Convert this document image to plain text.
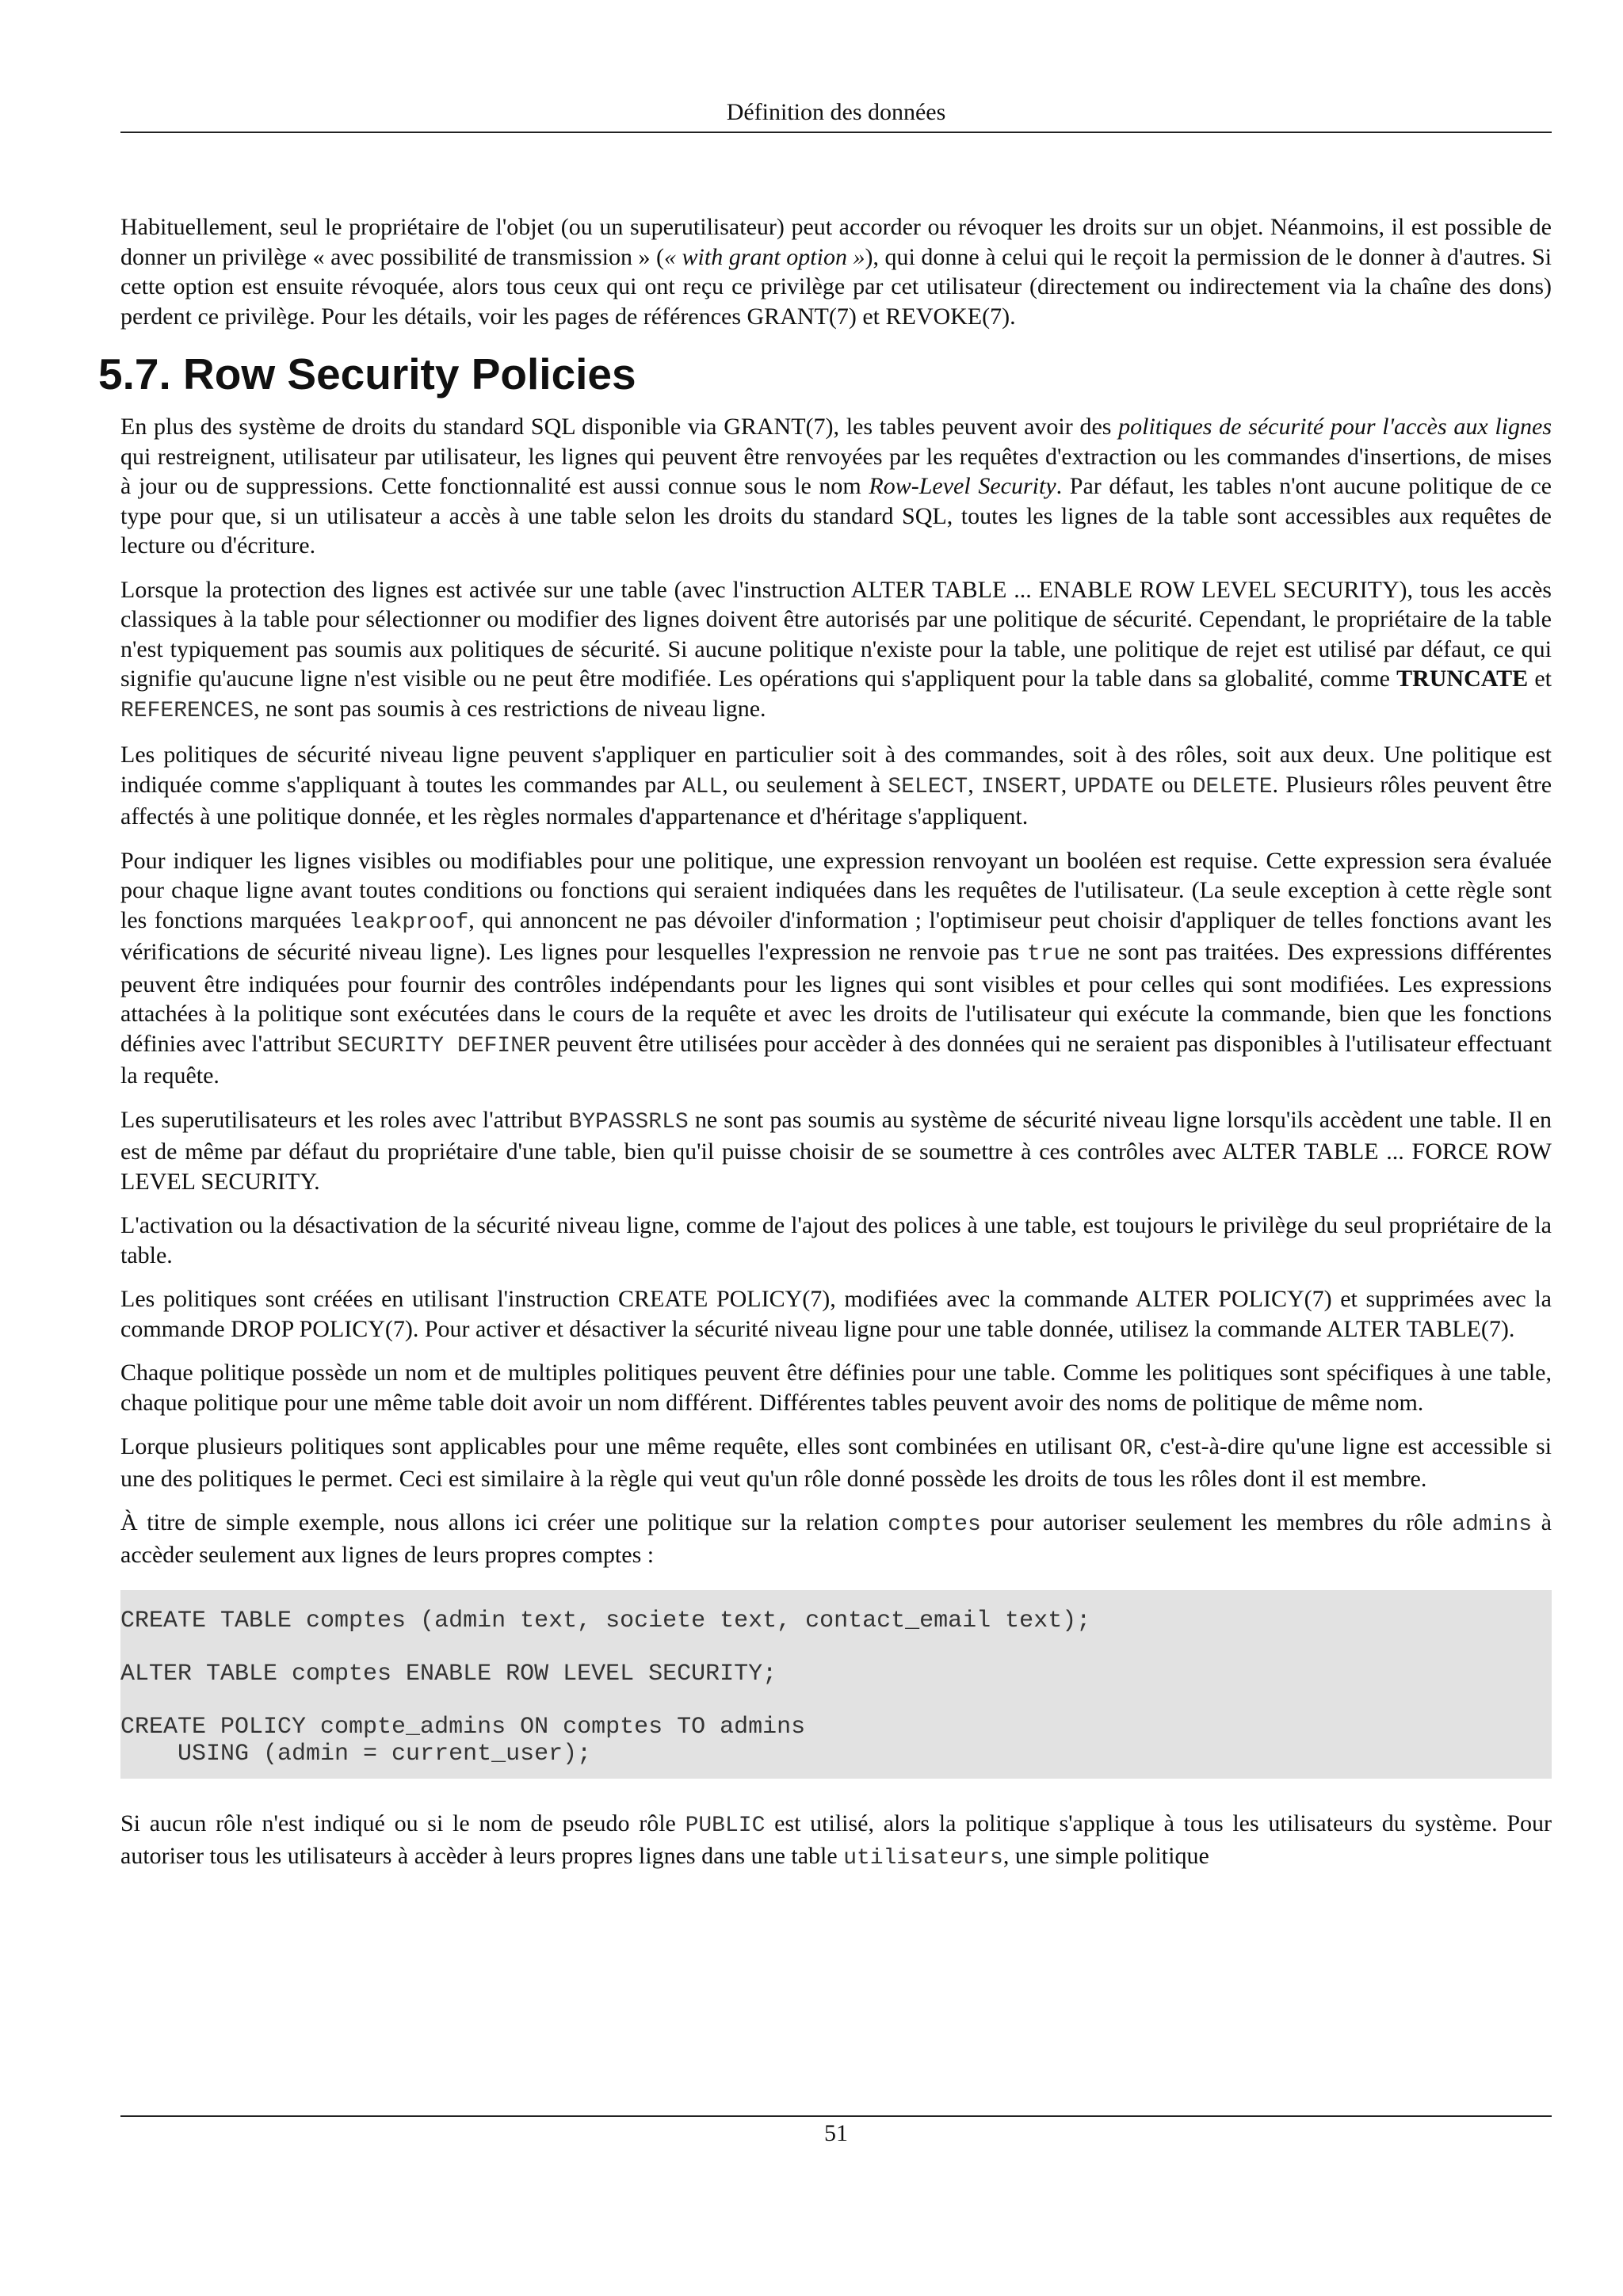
Définition des données

Habituellement, seul le propriétaire de l'objet (ou un superutilisateur) peut accorder ou révoquer les droits sur un objet. Néanmoins, il est possible de donner un privilège « avec possibilité de transmission » (« with grant option »), qui donne à celui qui le reçoit la permission de le donner à d'autres. Si cette option est ensuite révoquée, alors tous ceux qui ont reçu ce privilège par cet utilisateur (directement ou indirectement via la chaîne des dons) perdent ce privilège. Pour les détails, voir les pages de références GRANT(7) et REVOKE(7).

5.7. Row Security Policies

En plus des système de droits du standard SQL disponible via GRANT(7), les tables peuvent avoir des politiques de sécurité pour l'accès aux lignes qui restreignent, utilisateur par utilisateur, les lignes qui peuvent être renvoyées par les requêtes d'extraction ou les commandes d'insertions, de mises à jour ou de suppressions. Cette fonctionnalité est aussi connue sous le nom Row-Level Security. Par défaut, les tables n'ont aucune politique de ce type pour que, si un utilisateur a accès à une table selon les droits du standard SQL, toutes les lignes de la table sont accessibles aux requêtes de lecture ou d'écriture.

Lorsque la protection des lignes est activée sur une table (avec l'instruction ALTER TABLE ... ENABLE ROW LEVEL SECURITY), tous les accès classiques à la table pour sélectionner ou modifier des lignes doivent être autorisés par une politique de sécurité. Cependant, le propriétaire de la table n'est typiquement pas soumis aux politiques de sécurité. Si aucune politique n'existe pour la table, une politique de rejet est utilisé par défaut, ce qui signifie qu'aucune ligne n'est visible ou ne peut être modifiée. Les opérations qui s'appliquent pour la table dans sa globalité, comme TRUNCATE et REFERENCES, ne sont pas soumis à ces restrictions de niveau ligne.

Les politiques de sécurité niveau ligne peuvent s'appliquer en particulier soit à des commandes, soit à des rôles, soit aux deux. Une politique est indiquée comme s'appliquant à toutes les commandes par ALL, ou seulement à SELECT, INSERT, UPDATE ou DELETE. Plusieurs rôles peuvent être affectés à une politique donnée, et les règles normales d'appartenance et d'héritage s'appliquent.

Pour indiquer les lignes visibles ou modifiables pour une politique, une expression renvoyant un booléen est requise. Cette expression sera évaluée pour chaque ligne avant toutes conditions ou fonctions qui seraient indiquées dans les requêtes de l'utilisateur. (La seule exception à cette règle sont les fonctions marquées leakproof, qui annoncent ne pas dévoiler d'information ; l'optimiseur peut choisir d'appliquer de telles fonctions avant les vérifications de sécurité niveau ligne). Les lignes pour lesquelles l'expression ne renvoie pas true ne sont pas traitées. Des expressions différentes peuvent être indiquées pour fournir des contrôles indépendants pour les lignes qui sont visibles et pour celles qui sont modifiées. Les expressions attachées à la politique sont exécutées dans le cours de la requête et avec les droits de l'utilisateur qui exécute la commande, bien que les fonctions définies avec l'attribut SECURITY DEFINER peuvent être utilisées pour accèder à des données qui ne seraient pas disponibles à l'utilisateur effectuant la requête.

Les superutilisateurs et les roles avec l'attribut BYPASSRLS ne sont pas soumis au système de sécurité niveau ligne lorsqu'ils accèdent une table. Il en est de même par défaut du propriétaire d'une table, bien qu'il puisse choisir de se soumettre à ces contrôles avec ALTER TABLE ... FORCE ROW LEVEL SECURITY.

L'activation ou la désactivation de la sécurité niveau ligne, comme de l'ajout des polices à une table, est toujours le privilège du seul propriétaire de la table.

Les politiques sont créées en utilisant l'instruction CREATE POLICY(7), modifiées avec la commande ALTER POLICY(7) et supprimées avec la commande DROP POLICY(7). Pour activer et désactiver la sécurité niveau ligne pour une table donnée, utilisez la commande ALTER TABLE(7).

Chaque politique possède un nom et de multiples politiques peuvent être définies pour une table. Comme les politiques sont spécifiques à une table, chaque politique pour une même table doit avoir un nom différent. Différentes tables peuvent avoir des noms de politique de même nom.

Lorque plusieurs politiques sont applicables pour une même requête, elles sont combinées en utilisant OR, c'est-à-dire qu'une ligne est accessible si une des politiques le permet. Ceci est similaire à la règle qui veut qu'un rôle donné possède les droits de tous les rôles dont il est membre.

À titre de simple exemple, nous allons ici créer une politique sur la relation comptes pour autoriser seulement les membres du rôle admins à accèder seulement aux lignes de leurs propres comptes :

CREATE TABLE comptes (admin text, societe text, contact_email text);
ALTER TABLE comptes ENABLE ROW LEVEL SECURITY;
CREATE POLICY compte_admins ON comptes TO admins
USING (admin = current_user);

Si aucun rôle n'est indiqué ou si le nom de pseudo rôle PUBLIC est utilisé, alors la politique s'applique à tous les utilisateurs du système. Pour autoriser tous les utilisateurs à accèder à leurs propres lignes dans une table utilisateurs, une simple politique

51
